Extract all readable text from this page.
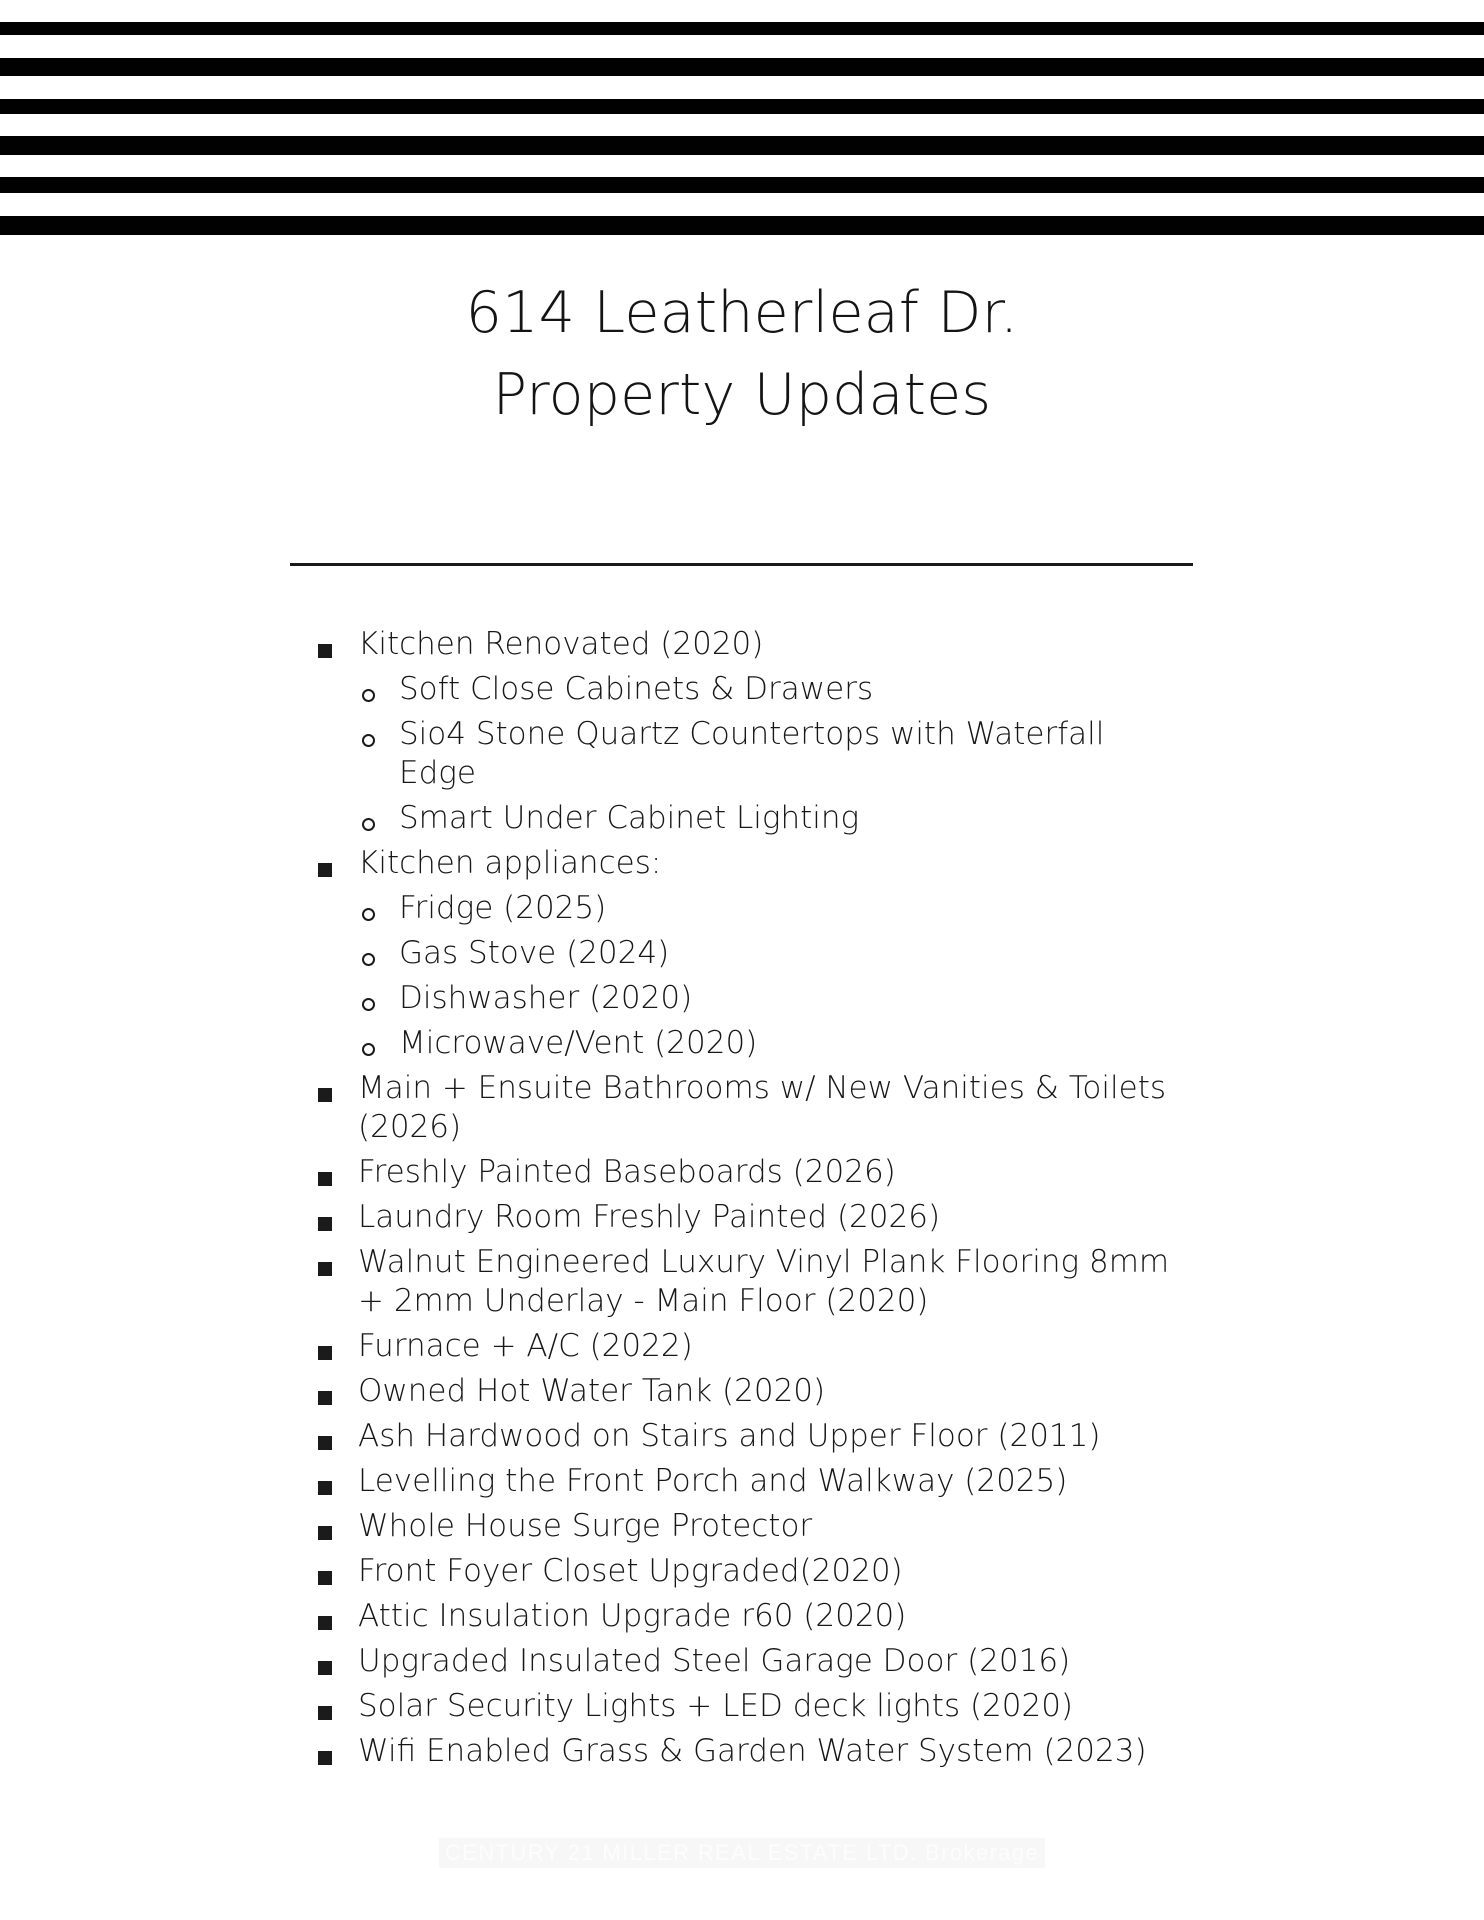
614 Leatherleaf Dr.
Property Updates
Kitchen Renovated (2020)
Soft Close Cabinets & Drawers
Sio4 Stone Quartz Countertops with Waterfall Edge
Smart Under Cabinet Lighting
Kitchen appliances:
Fridge (2025)
Gas Stove (2024)
Dishwasher (2020)
Microwave/Vent (2020)
Main + Ensuite Bathrooms w/ New Vanities & Toilets (2026)
Freshly Painted Baseboards (2026)
Laundry Room Freshly Painted (2026)
Walnut Engineered Luxury Vinyl Plank Flooring 8mm + 2mm Underlay - Main Floor (2020)
Furnace + A/C (2022)
Owned Hot Water Tank (2020)
Ash Hardwood on Stairs and Upper Floor (2011)
Levelling the Front Porch and Walkway (2025)
Whole House Surge Protector
Front Foyer Closet Upgraded(2020)
Attic Insulation Upgrade r60 (2020)
Upgraded Insulated Steel Garage Door (2016)
Solar Security Lights + LED deck lights (2020)
Wifi Enabled Grass & Garden Water System (2023)
CENTURY 21 MILLER REAL ESTATE LTD. Brokerage
